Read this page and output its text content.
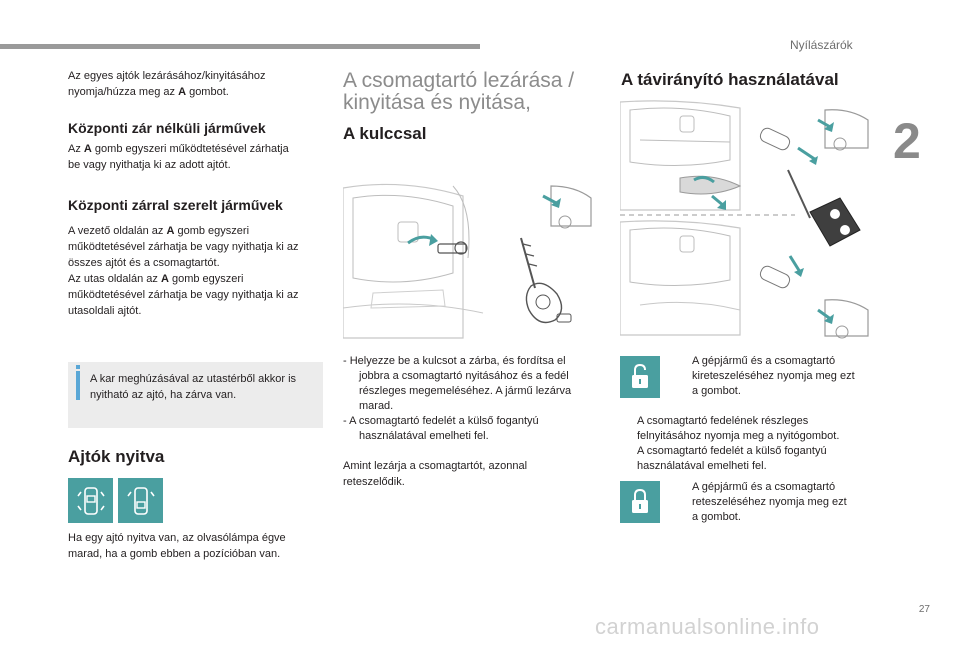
Nyílászárók
2
Az egyes ajtók lezárásához/kinyitásához
nyomja/húzza meg az A gombot.
Központi zár nélküli járművek
Az A gomb egyszeri működtetésével zárhatja
be vagy nyithatja ki az adott ajtót.
Központi zárral szerelt járművek
A vezető oldalán az A gomb egyszeri
működtetésével zárhatja be vagy nyithatja ki az
összes ajtót és a csomagtartót.
Az utas oldalán az A gomb egyszeri
működtetésével zárhatja be vagy nyithatja ki az
utasoldali ajtót.
A kar meghúzásával az utastérből akkor is
nyitható az ajtó, ha zárva van.
Ajtók nyitva
Ha egy ajtó nyitva van, az olvasólámpa égve
marad, ha a gomb ebben a pozícióban van.
A csomagtartó lezárása /
kinyitása és nyitása,
A kulccsal
- Helyezze be a kulcsot a zárba, és fordítsa el
jobbra a csomagtartó nyitásához és a fedél
részleges megemeléséhez. A jármű lezárva
marad.
- A csomagtartó fedelét a külső fogantyú
használatával emelheti fel.
Amint lezárja a csomagtartót, azonnal
reteszelődik.
A távirányító használatával
A gépjármű és a csomagtartó
kireteszeléséhez nyomja meg ezt
a gombot.
A csomagtartó fedelének részleges
felnyitásához nyomja meg a nyitógombot.
A csomagtartó fedelét a külső fogantyú
használatával emelheti fel.
A gépjármű és a csomagtartó
reteszeléséhez nyomja meg ezt
a gombot.
27
carmanualsonline.info
